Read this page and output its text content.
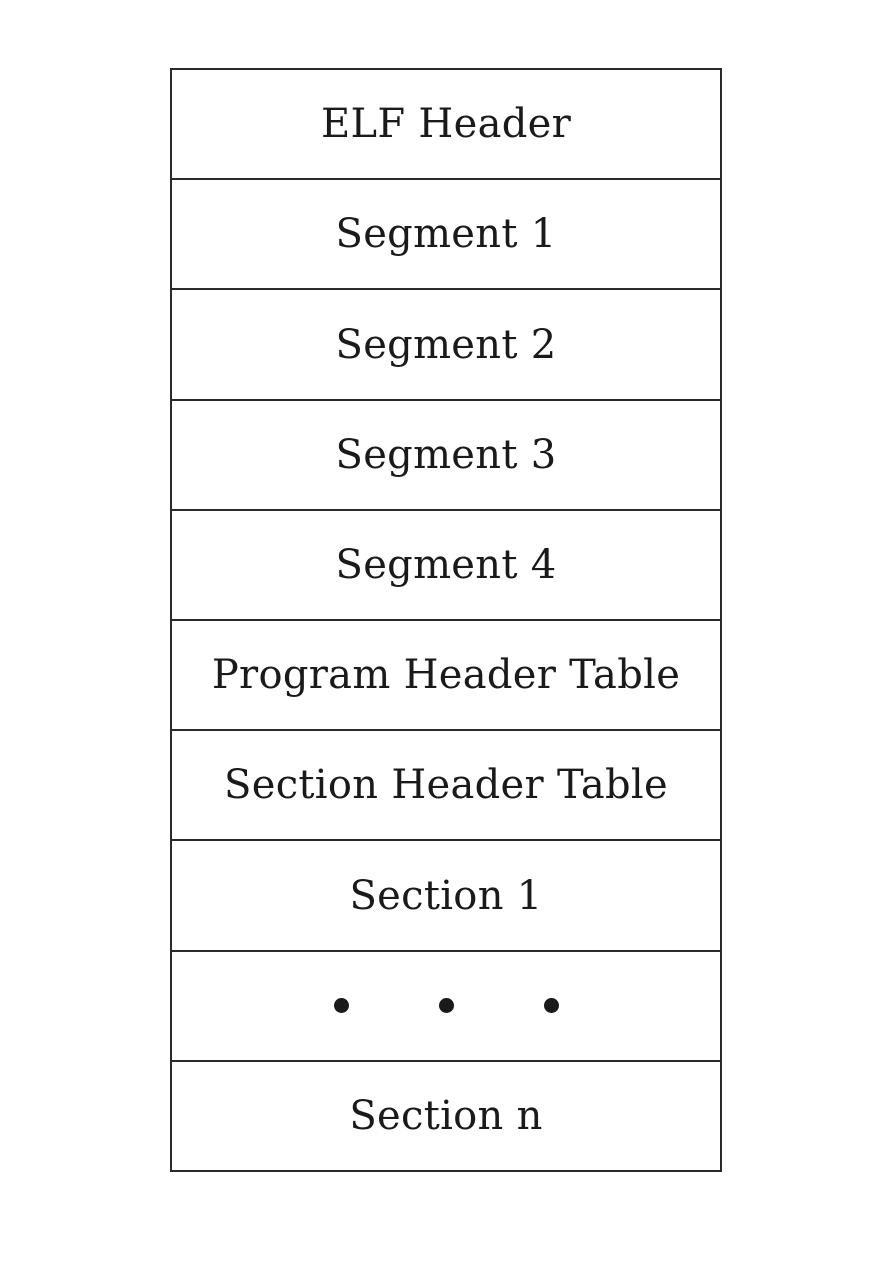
ELF Header
Segment 1
Segment 2
Segment 3
Segment 4
Program Header Table
Section Header Table
Section 1
Section n
